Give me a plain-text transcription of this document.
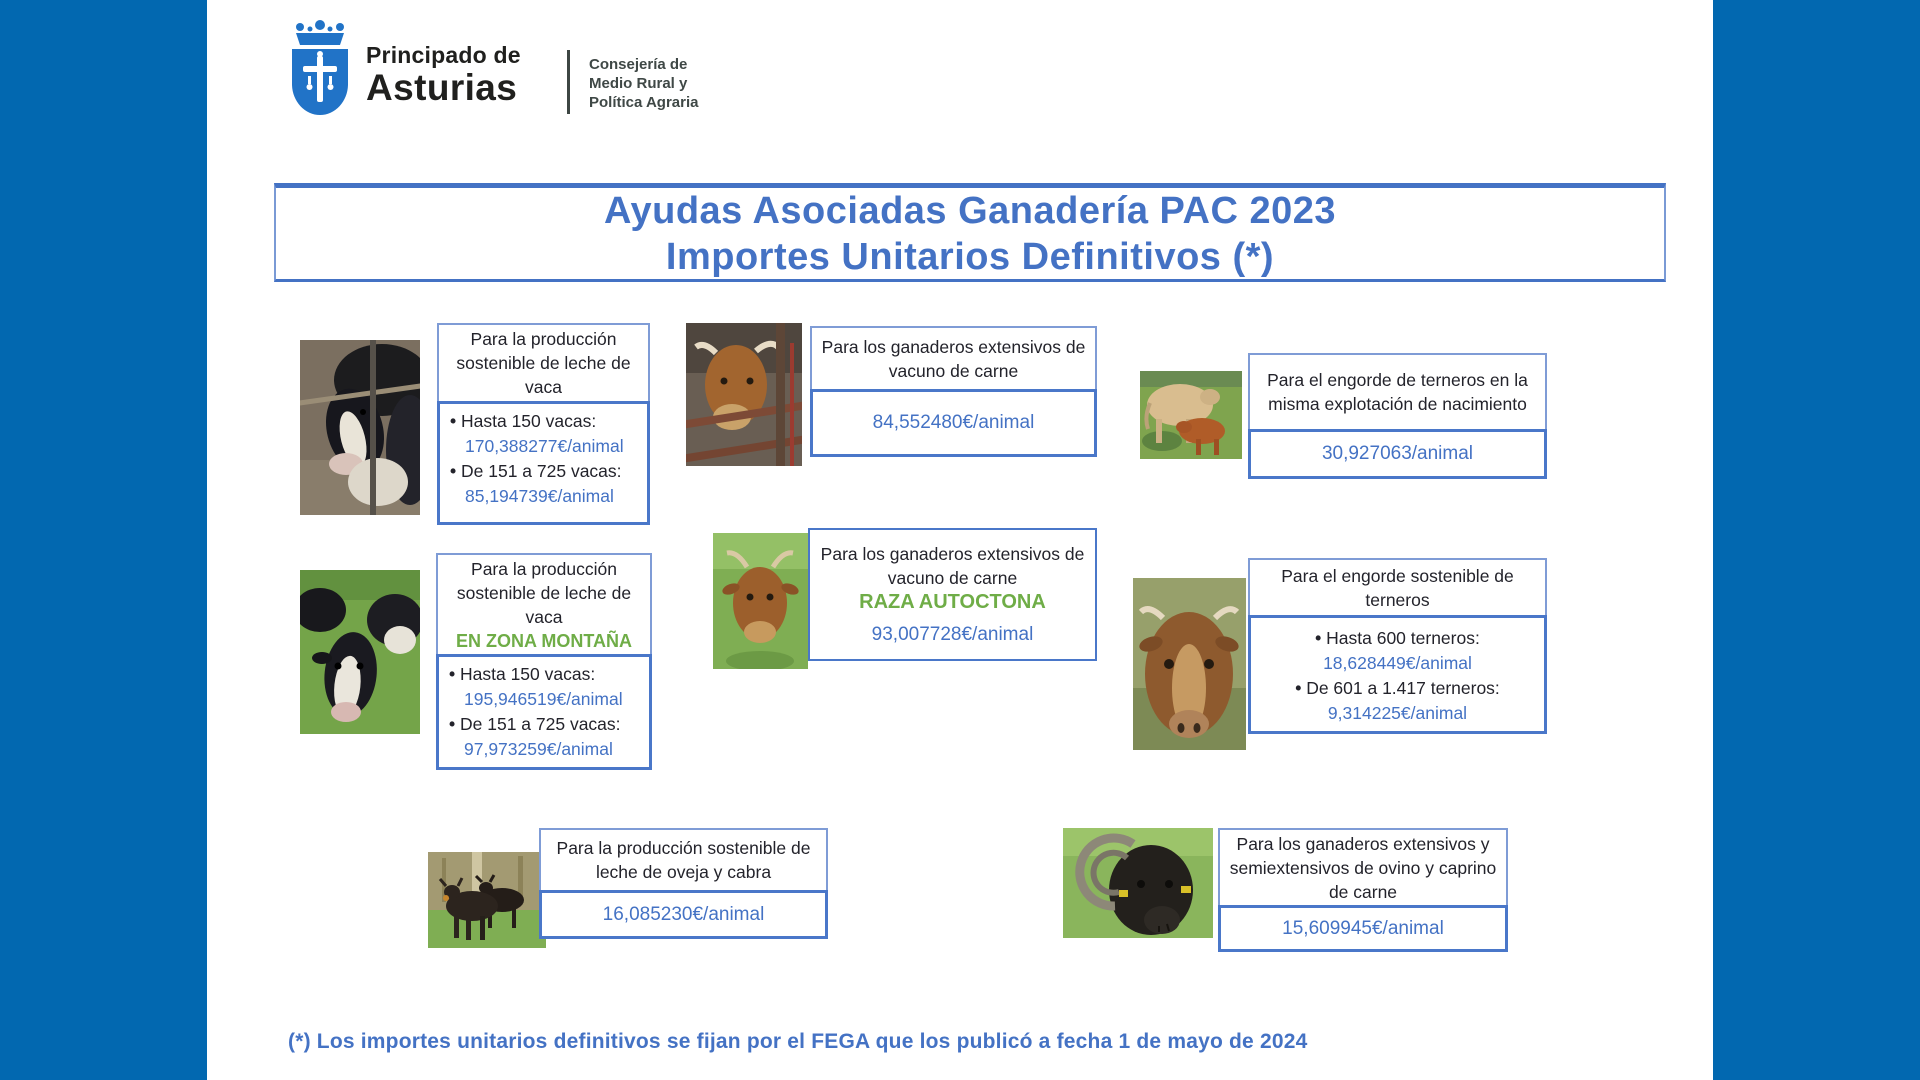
Principado de
Asturias
Consejería de
Medio Rural y
Política Agraria
Ayudas Asociadas Ganadería PAC 2023
Importes Unitarios Definitivos (*)
Para la producción sostenible de leche de vaca
• Hasta 150 vacas:
170,388277€/animal
• De 151 a 725 vacas:
85,194739€/animal
Para los ganaderos extensivos de vacuno de carne
84,552480€/animal
Para el engorde de terneros en la misma explotación de nacimiento
30,927063/animal
Para la producción sostenible de leche de vaca
EN ZONA MONTAÑA
• Hasta 150 vacas:
195,946519€/animal
• De 151 a 725 vacas:
97,973259€/animal
Para los ganaderos extensivos de vacuno de carne
RAZA AUTOCTONA
93,007728€/animal
Para el engorde sostenible de terneros
• Hasta 600 terneros:
18,628449€/animal
• De 601 a 1.417 terneros:
9,314225€/animal
Para la producción sostenible de leche de oveja y cabra
16,085230€/animal
Para los ganaderos extensivos y semiextensivos de ovino y caprino de carne
15,609945€/animal
(*) Los importes unitarios definitivos se fijan por el FEGA que los publicó a fecha 1 de mayo de 2024
